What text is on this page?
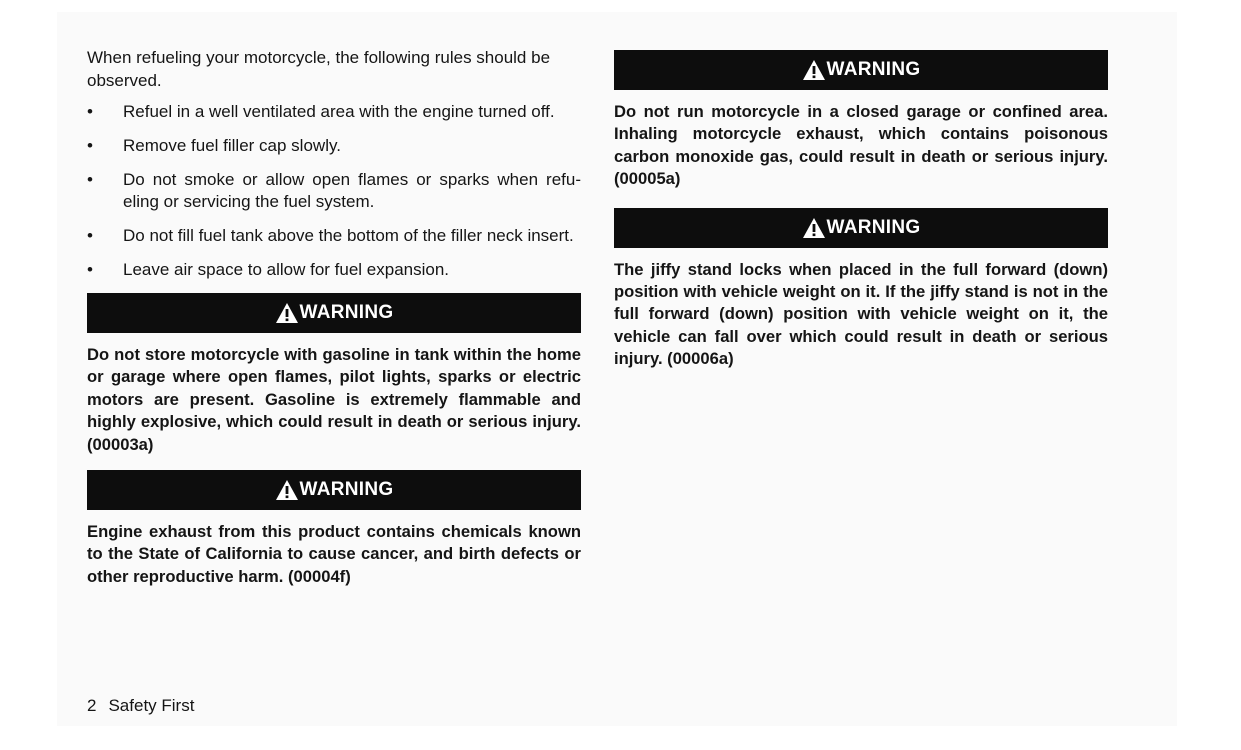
When refueling your motorcycle, the following rules should be observed.

•	Refuel in a well ventilated area with the engine turned off.
•	Remove fuel filler cap slowly.
•	Do not smoke or allow open flames or sparks when refu-eling or servicing the fuel system.
•	Do not fill fuel tank above the bottom of the filler neck insert.
•	Leave air space to allow for fuel expansion.
WARNING

Do not store motorcycle with gasoline in tank within the home or garage where open flames, pilot lights, sparks or electric motors are present. Gasoline is extremely flammable and highly explosive, which could result in death or serious injury. (00003a)

WARNING

Engine exhaust from this product contains chemicals known to the State of California to cause cancer, and birth defects or other reproductive harm. (00004f)

WARNING

Do not run motorcycle in a closed garage or confined area. Inhaling motorcycle exhaust, which contains poisonous carbon monoxide gas, could result in death or serious injury. (00005a)

WARNING

The jiffy stand locks when placed in the full forward (down) position with vehicle weight on it. If the jiffy stand is not in the full forward (down) position with vehicle weight on it, the vehicle can fall over which could result in death or serious injury. (00006a)

2 Safety First
